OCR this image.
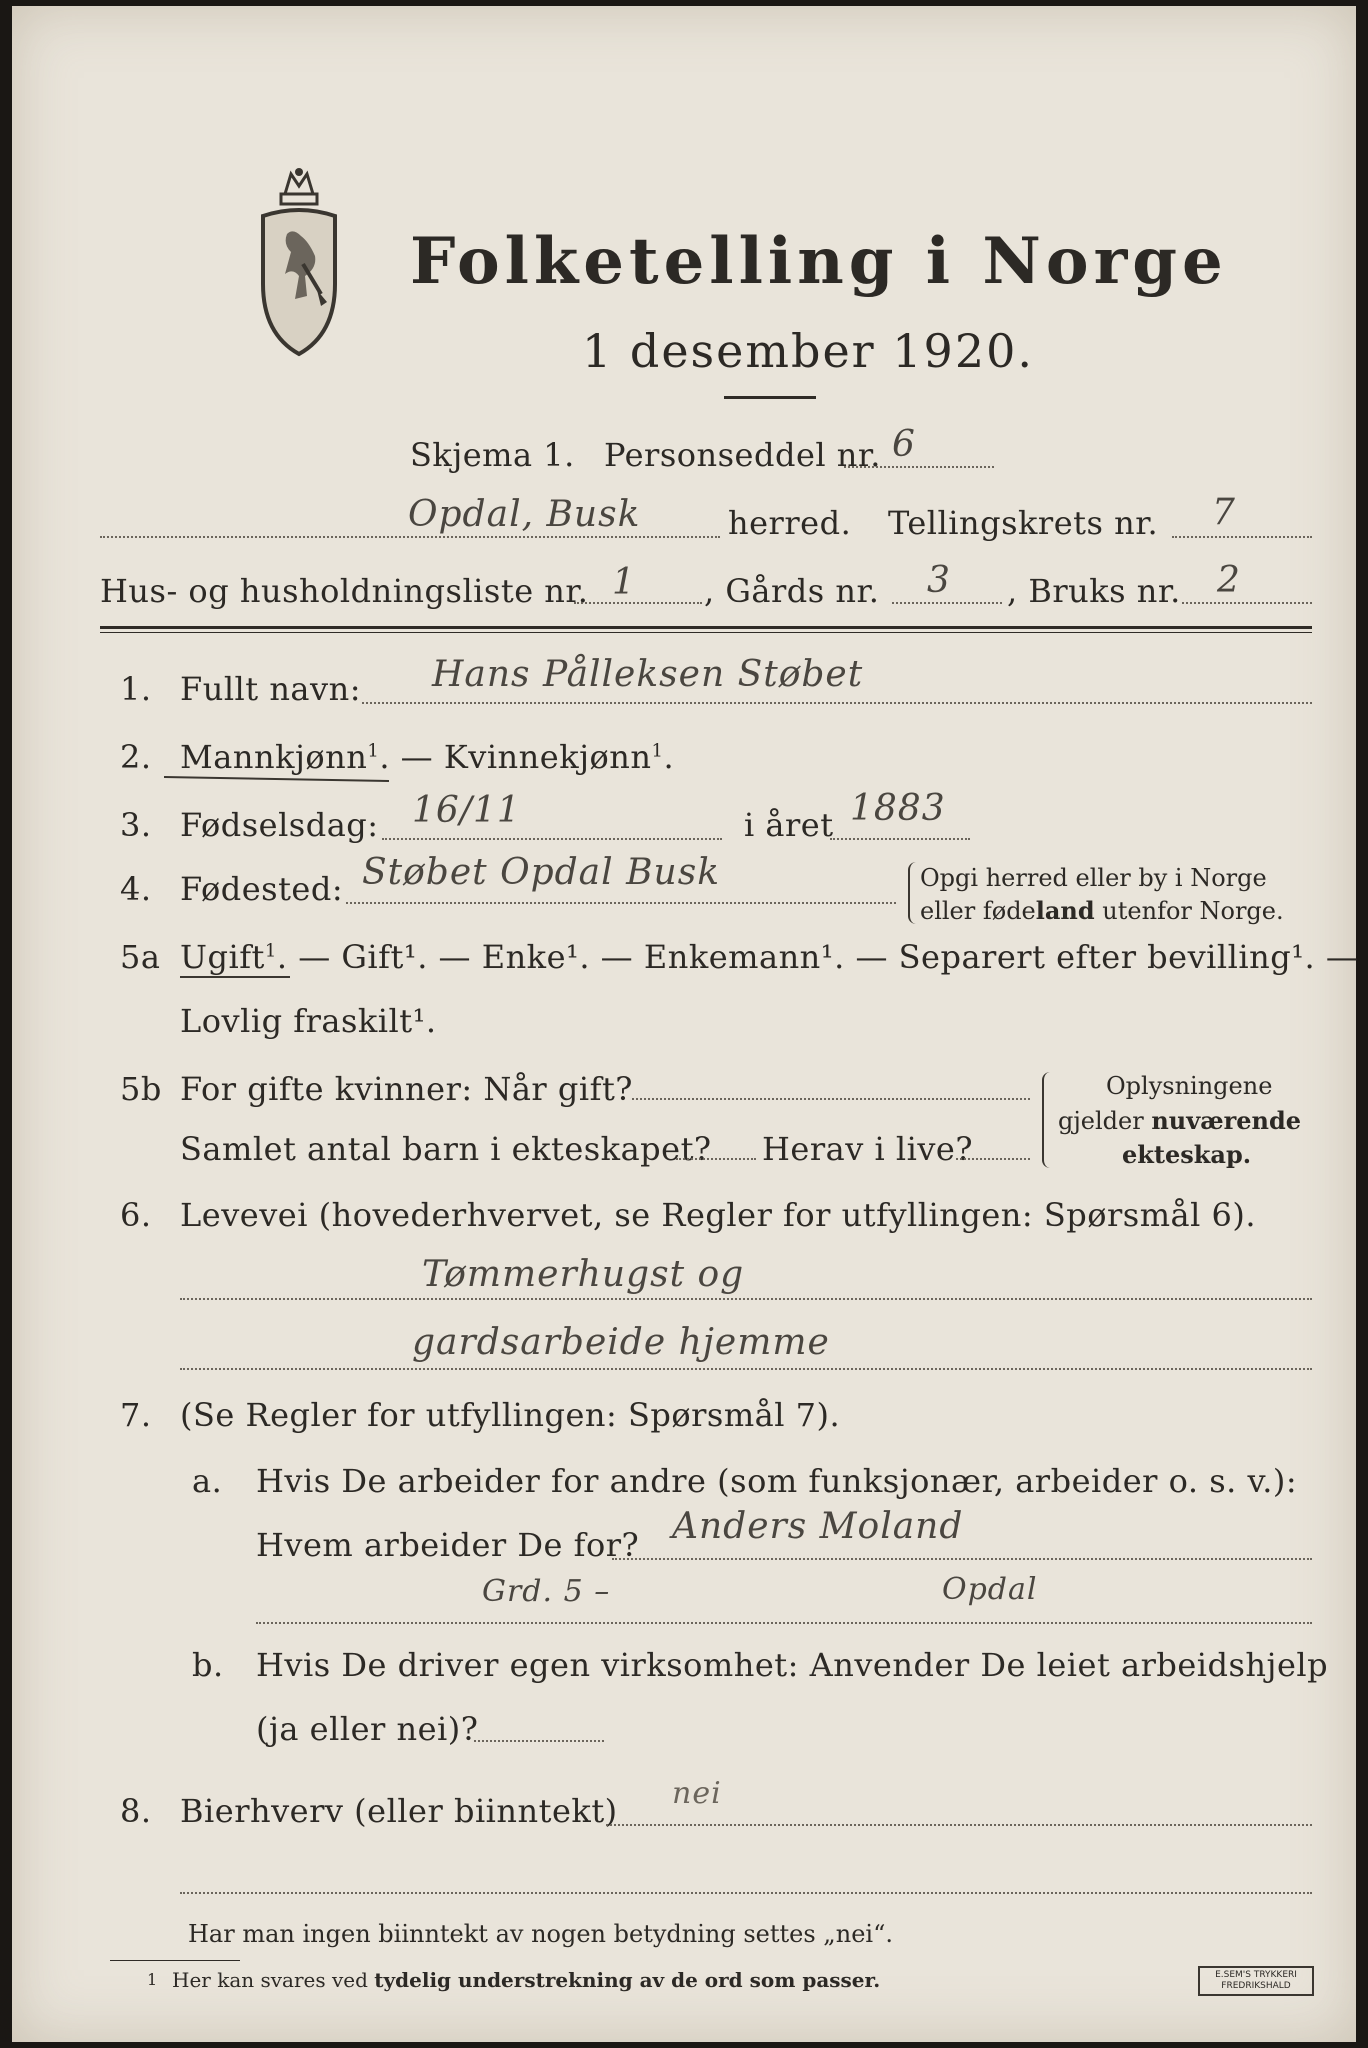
Folketelling i Norge
1 desember 1920.
Skjema 1. Personseddel nr. 6
Opdal, Busk	herred. Tellingskrets nr. 7
Hus- og husholdningsliste nr. 1 , Gårds nr. 3 , Bruks nr. 2
1. Fullt navn: Hans Pålleksen Støbet
2. Mannkjønn$^1$. — Kvinnekjønn$^1$.
3. Fødselsdag: 16/11	i året 1883
4. Fødested: Støbet Opdal Busk	Opgi herred eller by i Norge
eller fødeland utenfor Norge.
5a Ugift$^1$. — Gift¹. — Enke¹. — Enkemann¹. — Separert efter bevilling¹. —
Lovlig fraskilt¹.
5b For gifte kvinner: Når gift?
Samlet antal barn i ekteskapet? Herav i live?
Oplysningene
gjelder nuværende
ekteskap.
6. Levevei (hovederhvervet, se Regler for utfyllingen: Spørsmål 6).
Tømmerhugst og
gardsarbeide hjemme
7. (Se Regler for utfyllingen: Spørsmål 7).
a. Hvis De arbeider for andre (som funksjonær, arbeider o. s. v.):
Hvem arbeider De for? Anders Moland
Grd. 5 –	Opdal
b. Hvis De driver egen virksomhet: Anvender De leiet arbeidshjelp
(ja eller nei)?
8. Bierhverv (eller biinntekt) nei
Har man ingen biinntekt av nogen betydning settes „nei“.
1 Her kan svares ved tydelig understrekning av de ord som passer.	E.SEM'S TRYKKERI
FREDRIKSHALD
